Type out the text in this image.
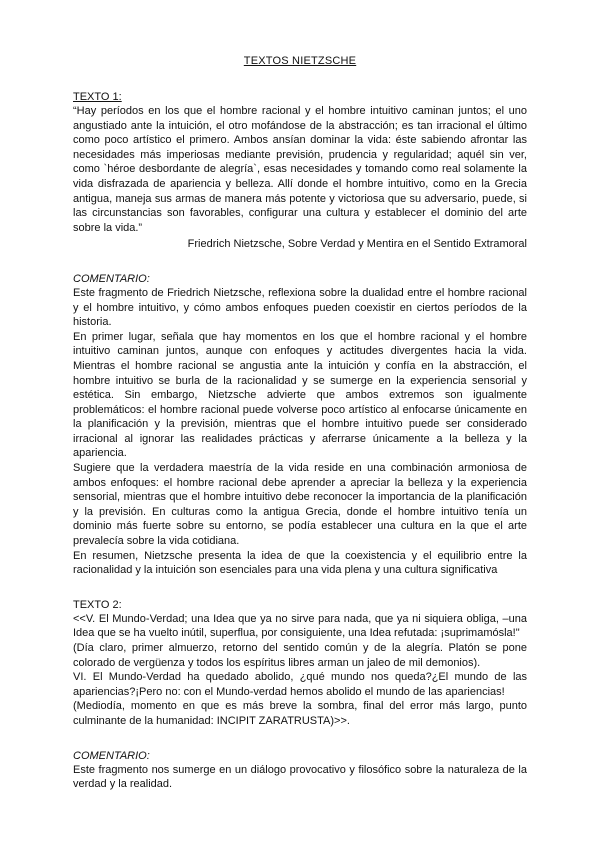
TEXTOS NIETZSCHE
TEXTO 1:

“Hay períodos en los que el hombre racional y el hombre intuitivo caminan juntos; el uno angustiado ante la intuición, el otro mofándose de la abstracción; es tan irracional el último como poco artístico el primero. Ambos ansían dominar la vida: éste sabiendo afrontar las necesidades más imperiosas mediante previsión, prudencia y regularidad; aquél sin ver, como `héroe desbordante de alegría`, esas necesidades y tomando como real solamente la vida disfrazada de apariencia y belleza. Allí donde el hombre intuitivo, como en la Grecia antigua, maneja sus armas de manera más potente y victoriosa que su adversario, puede, si las circunstancias son favorables, configurar una cultura y establecer el dominio del arte sobre la vida.”

Friedrich Nietzsche, Sobre Verdad y Mentira en el Sentido Extramoral
COMENTARIO:

Este fragmento de Friedrich Nietzsche, reflexiona sobre la dualidad entre el hombre racional y el hombre intuitivo, y cómo ambos enfoques pueden coexistir en ciertos períodos de la historia.

En primer lugar, señala que hay momentos en los que el hombre racional y el hombre intuitivo caminan juntos, aunque con enfoques y actitudes divergentes hacia la vida. Mientras el hombre racional se angustia ante la intuición y confía en la abstracción, el hombre intuitivo se burla de la racionalidad y se sumerge en la experiencia sensorial y estética. Sin embargo, Nietzsche advierte que ambos extremos son igualmente problemáticos: el hombre racional puede volverse poco artístico al enfocarse únicamente en la planificación y la previsión, mientras que el hombre intuitivo puede ser considerado irracional al ignorar las realidades prácticas y aferrarse únicamente a la belleza y la apariencia.

Sugiere que la verdadera maestría de la vida reside en una combinación armoniosa de ambos enfoques: el hombre racional debe aprender a apreciar la belleza y la experiencia sensorial, mientras que el hombre intuitivo debe reconocer la importancia de la planificación y la previsión. En culturas como la antigua Grecia, donde el hombre intuitivo tenía un dominio más fuerte sobre su entorno, se podía establecer una cultura en la que el arte prevalecía sobre la vida cotidiana.

En resumen, Nietzsche presenta la idea de que la coexistencia y el equilibrio entre la racionalidad y la intuición son esenciales para una vida plena y una cultura significativa

TEXTO 2:

<<V. El Mundo-Verdad; una Idea que ya no sirve para nada, que ya ni siquiera obliga, –una Idea que se ha vuelto inútil, superflua, por consiguiente, una Idea refutada: ¡suprimamósla!"

(Día claro, primer almuerzo, retorno del sentido común y de la alegría. Platón se pone colorado de vergüenza y todos los espíritus libres arman un jaleo de mil demonios).

VI. El Mundo-Verdad ha quedado abolido, ¿qué mundo nos queda?¿El mundo de las apariencias?¡Pero no: con el Mundo-verdad hemos abolido el mundo de las apariencias!

(Mediodía, momento en que es más breve la sombra, final del error más largo, punto culminante de la humanidad: INCIPIT ZARATRUSTA)>>.

COMENTARIO:

Este fragmento nos sumerge en un diálogo provocativo y filosófico sobre la naturaleza de la verdad y la realidad.
